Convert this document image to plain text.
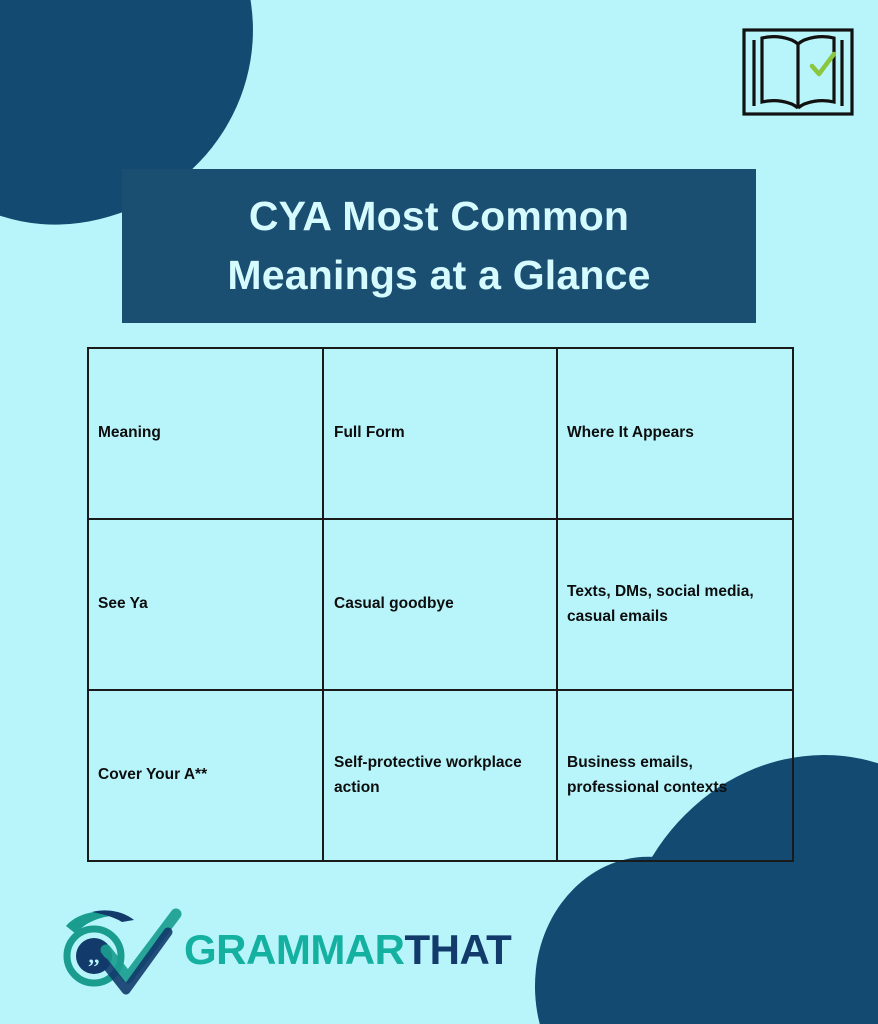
CYA Most Common
Meanings at a Glance
Meaning	Full Form	Where It Appears
See Ya	Casual goodbye	Texts, DMs, social media, casual emails
Cover Your A**	Self-protective workplace action	Business emails, professional contexts
,, GRAMMARTHAT
